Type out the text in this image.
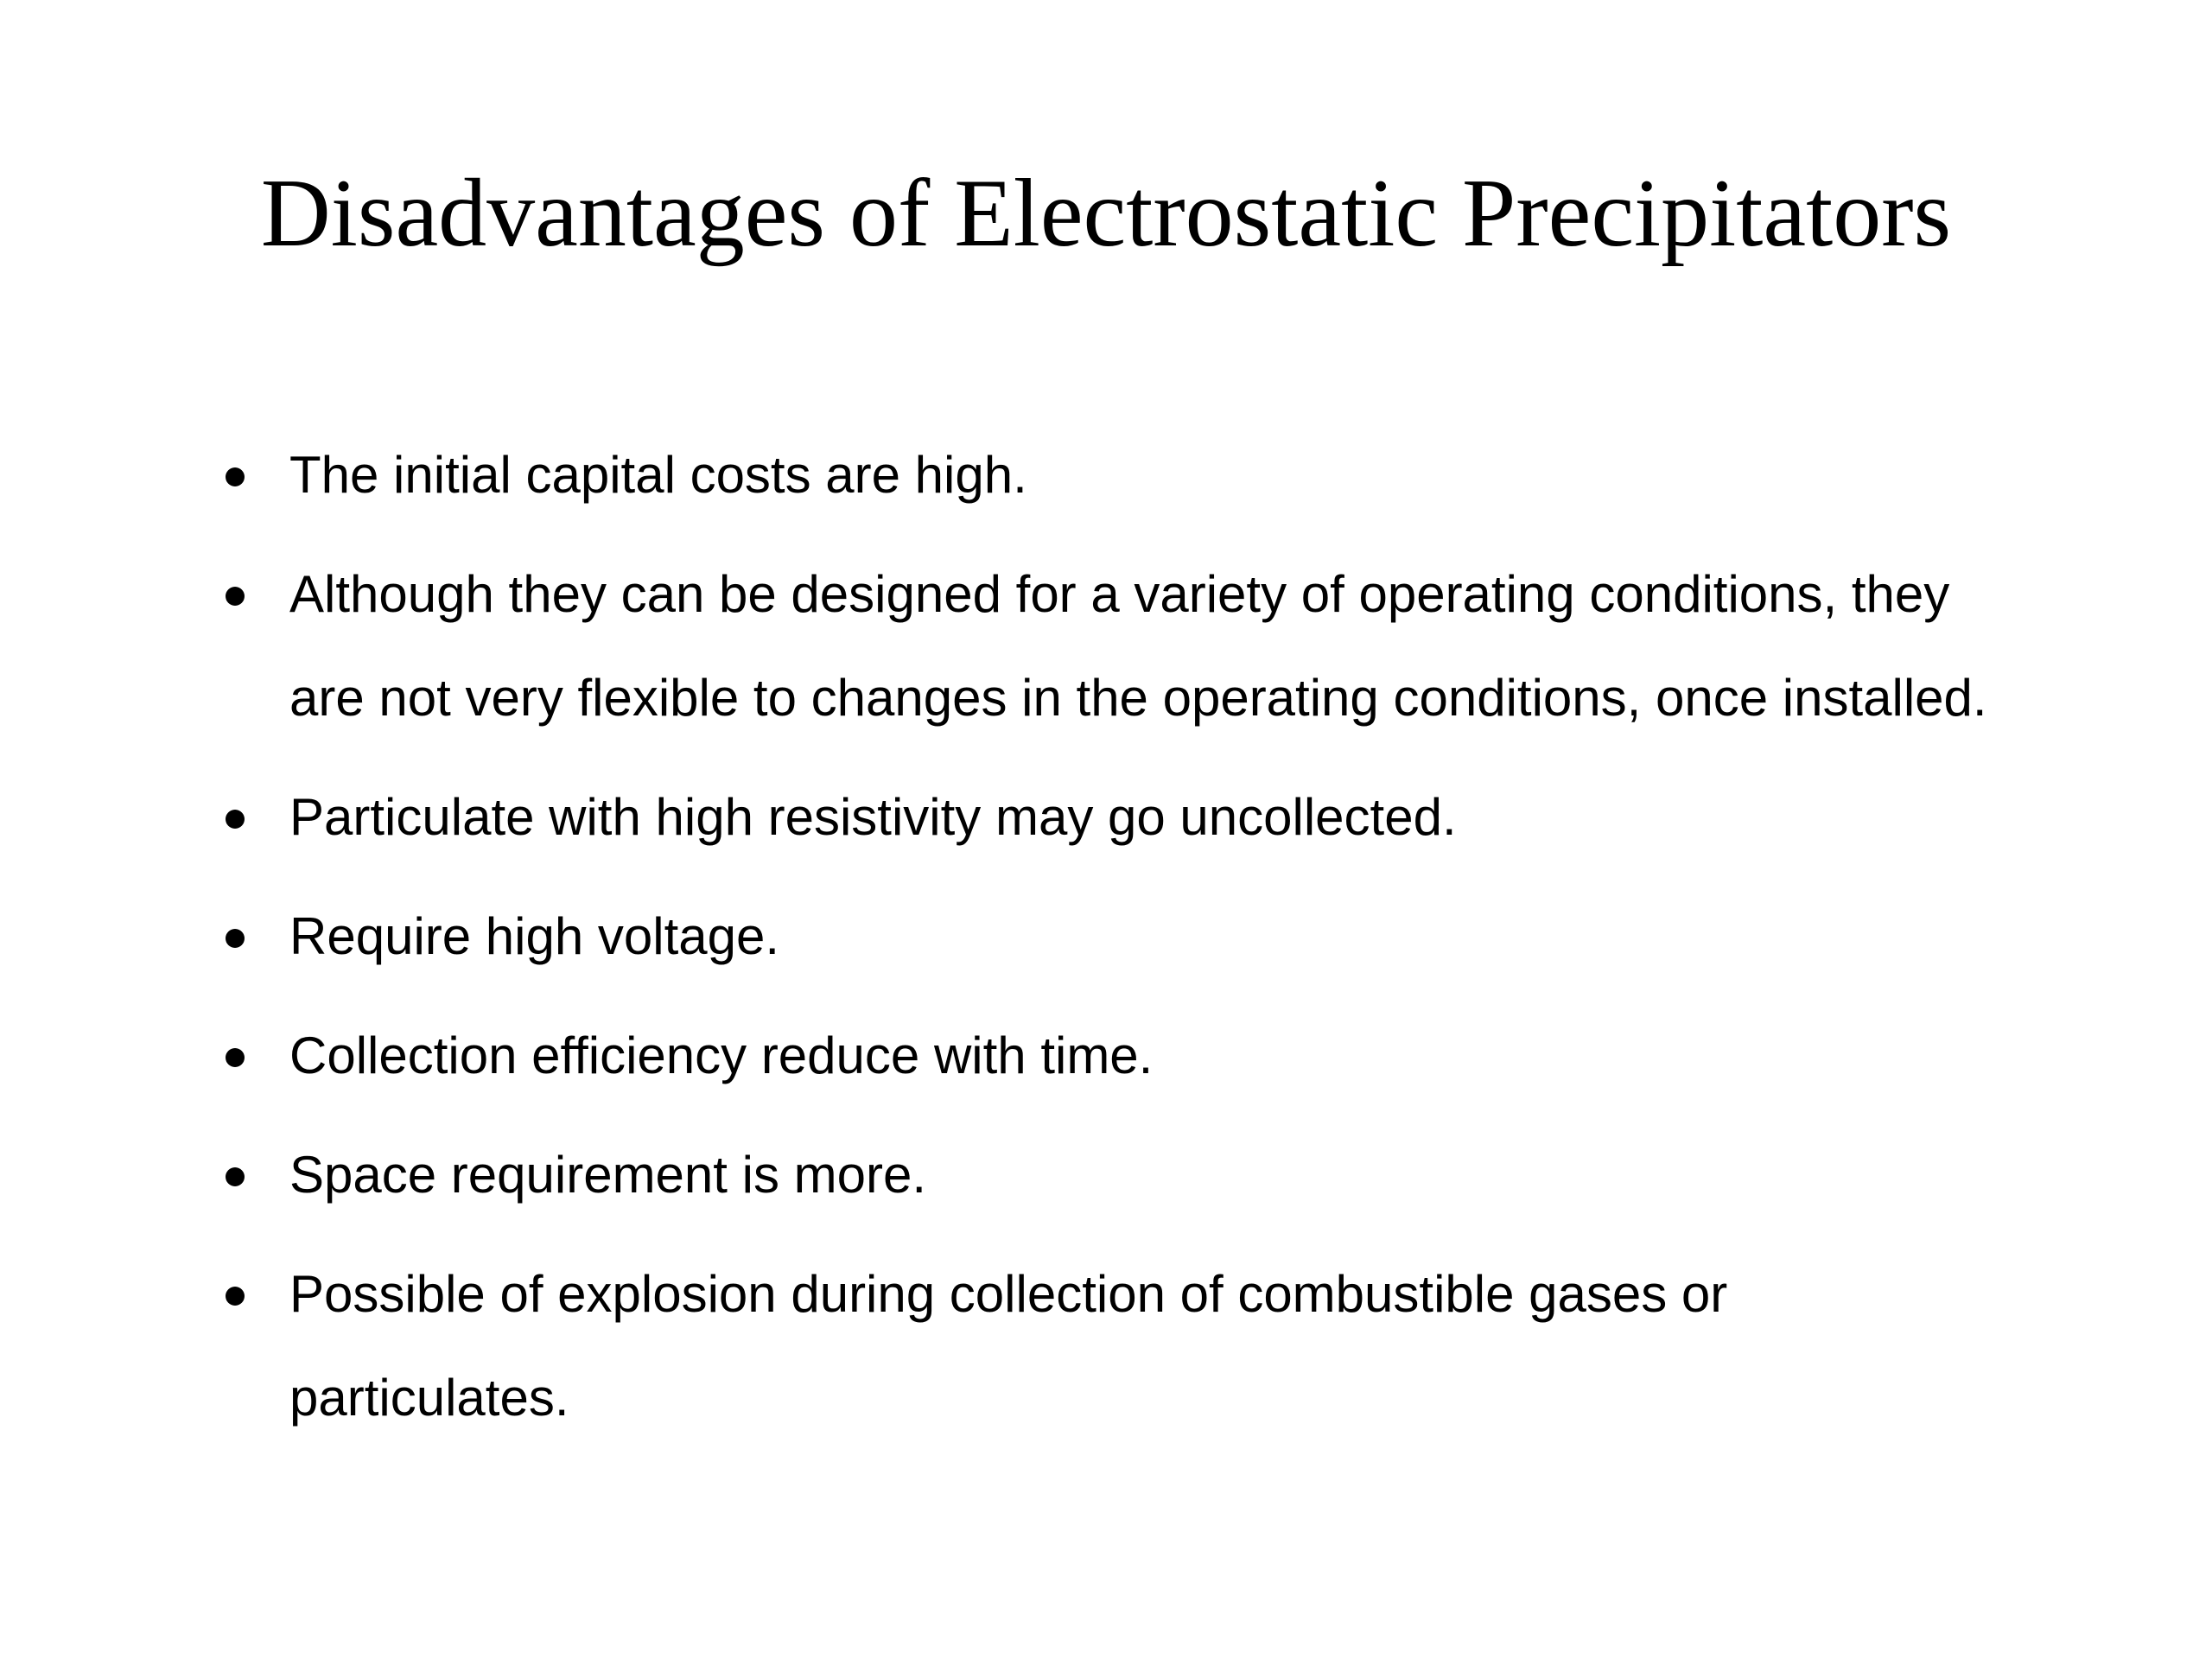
Disadvantages of Electrostatic Precipitators
The initial capital costs are high.
Although they can be designed for a variety of operating conditions, they are not very flexible to changes in the operating conditions, once installed.
Particulate with high resistivity may go uncollected.
Require high voltage.
Collection efficiency reduce with time.
Space requirement is more.
Possible of explosion during collection of combustible gases or particulates.
